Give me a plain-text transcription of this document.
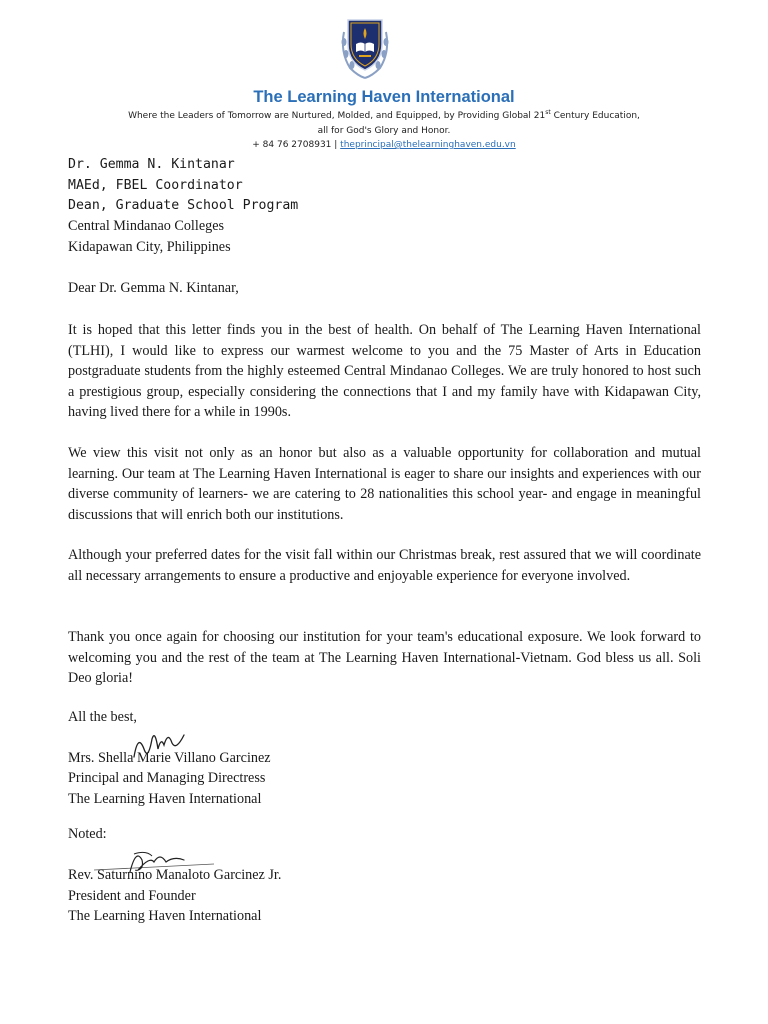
The Learning Haven International
Where the Leaders of Tomorrow are Nurtured, Molded, and Equipped, by Providing Global 21st Century Education,
all for God's Glory and Honor.
+ 84 76 2708931 | theprincipal@thelearninghaven.edu.vn
Dr. Gemma N. Kintanar
MAEd, FBEL Coordinator
Dean, Graduate School Program
Central Mindanao Colleges
Kidapawan City, Philippines
Dear Dr. Gemma N. Kintanar,
It is hoped that this letter finds you in the best of health. On behalf of The Learning Haven International (TLHI), I would like to express our warmest welcome to you and the 75 Master of Arts in Education postgraduate students from the highly esteemed Central Mindanao Colleges. We are truly honored to host such a prestigious group, especially considering the connections that I and my family have with Kidapawan City, having lived there for a while in 1990s.
We view this visit not only as an honor but also as a valuable opportunity for collaboration and mutual learning. Our team at The Learning Haven International is eager to share our insights and experiences with our diverse community of learners- we are catering to 28 nationalities this school year- and engage in meaningful discussions that will enrich both our institutions.
Although your preferred dates for the visit fall within our Christmas break, rest assured that we will coordinate all necessary arrangements to ensure a productive and enjoyable experience for everyone involved.
Thank you once again for choosing our institution for your team's educational exposure. We look forward to welcoming you and the rest of the team at The Learning Haven International-Vietnam. God bless us all. Soli Deo gloria!
All the best,
Mrs. Shella Marie Villano Garcinez
Principal and Managing Directress
The Learning Haven International
Noted:
Rev. Saturnino Manaloto Garcinez Jr.
President and Founder
The Learning Haven International
